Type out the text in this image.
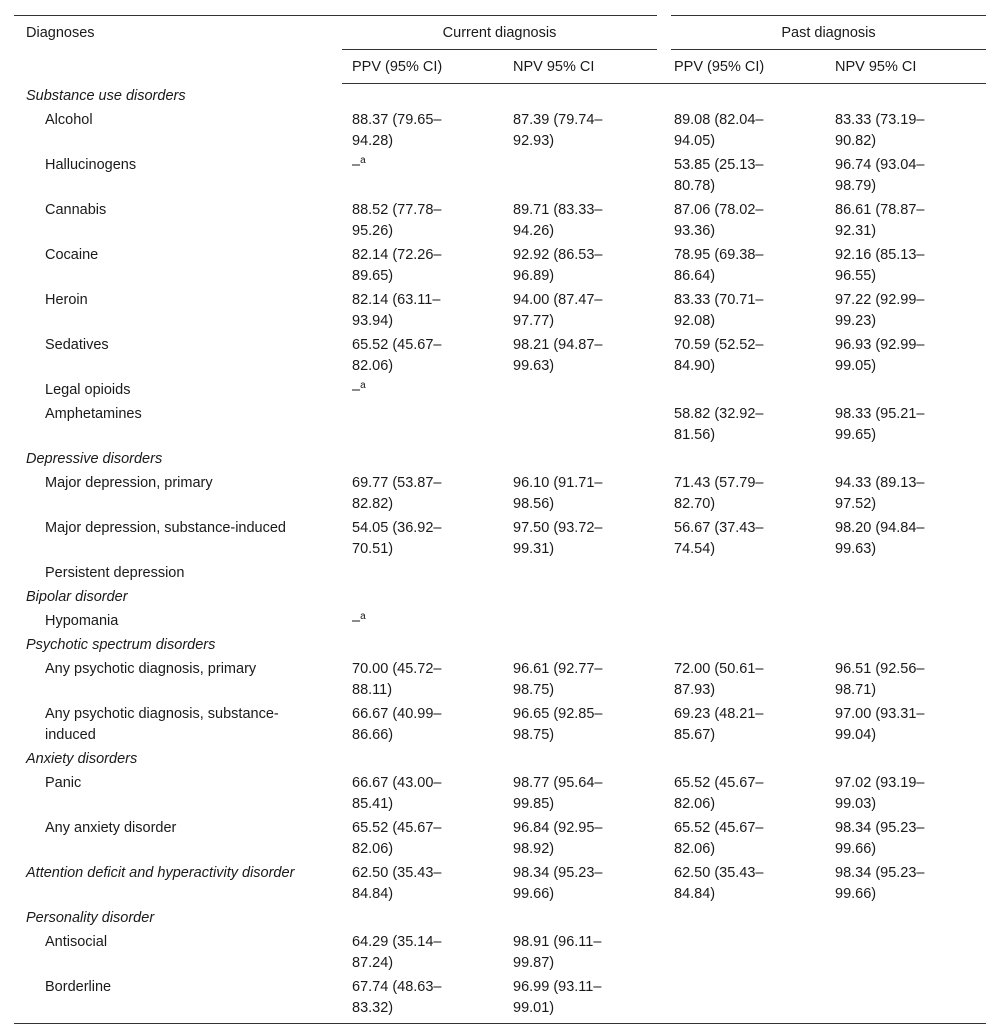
Diagnoses	Current diagnosis		Past diagnosis	
	PPV (95% CI)	NPV 95% CI	PPV (95% CI)	NPV 95% CI
Substance use disorders				
Alcohol	88.37 (79.65–94.28)	87.39 (79.74–92.93)	89.08 (82.04–94.05)	83.33 (73.19–90.82)
Hallucinogens	–$^a$		53.85 (25.13–80.78)	96.74 (93.04–98.79)
Cannabis	88.52 (77.78–95.26)	89.71 (83.33–94.26)	87.06 (78.02–93.36)	86.61 (78.87–92.31)
Cocaine	82.14 (72.26–89.65)	92.92 (86.53–96.89)	78.95 (69.38–86.64)	92.16 (85.13–96.55)
Heroin	82.14 (63.11–93.94)	94.00 (87.47–97.77)	83.33 (70.71–92.08)	97.22 (92.99–99.23)
Sedatives	65.52 (45.67–82.06)	98.21 (94.87–99.63)	70.59 (52.52–84.90)	96.93 (92.99–99.05)
Legal opioids	–$^a$			
Amphetamines			58.82 (32.92–81.56)	98.33 (95.21–99.65)
Depressive disorders				
Major depression, primary	69.77 (53.87–82.82)	96.10 (91.71–98.56)	71.43 (57.79–82.70)	94.33 (89.13–97.52)
Major depression, substance-induced	54.05 (36.92–70.51)	97.50 (93.72–99.31)	56.67 (37.43–74.54)	98.20 (94.84–99.63)
Persistent depression				
Bipolar disorder				
Hypomania	–$^a$			
Psychotic spectrum disorders				
Any psychotic diagnosis, primary	70.00 (45.72–88.11)	96.61 (92.77–98.75)	72.00 (50.61–87.93)	96.51 (92.56–98.71)
Any psychotic diagnosis, substance-induced	66.67 (40.99–86.66)	96.65 (92.85–98.75)	69.23 (48.21–85.67)	97.00 (93.31–99.04)
Anxiety disorders				
Panic	66.67 (43.00–85.41)	98.77 (95.64–99.85)	65.52 (45.67–82.06)	97.02 (93.19–99.03)
Any anxiety disorder	65.52 (45.67–82.06)	96.84 (92.95–98.92)	65.52 (45.67–82.06)	98.34 (95.23–99.66)
Attention deficit and hyperactivity disorder	62.50 (35.43–84.84)	98.34 (95.23–99.66)	62.50 (35.43–84.84)	98.34 (95.23–99.66)
Personality disorder				
Antisocial	64.29 (35.14–87.24)	98.91 (96.11–99.87)		
Borderline	67.74 (48.63–83.32)	96.99 (93.11–99.01)		
